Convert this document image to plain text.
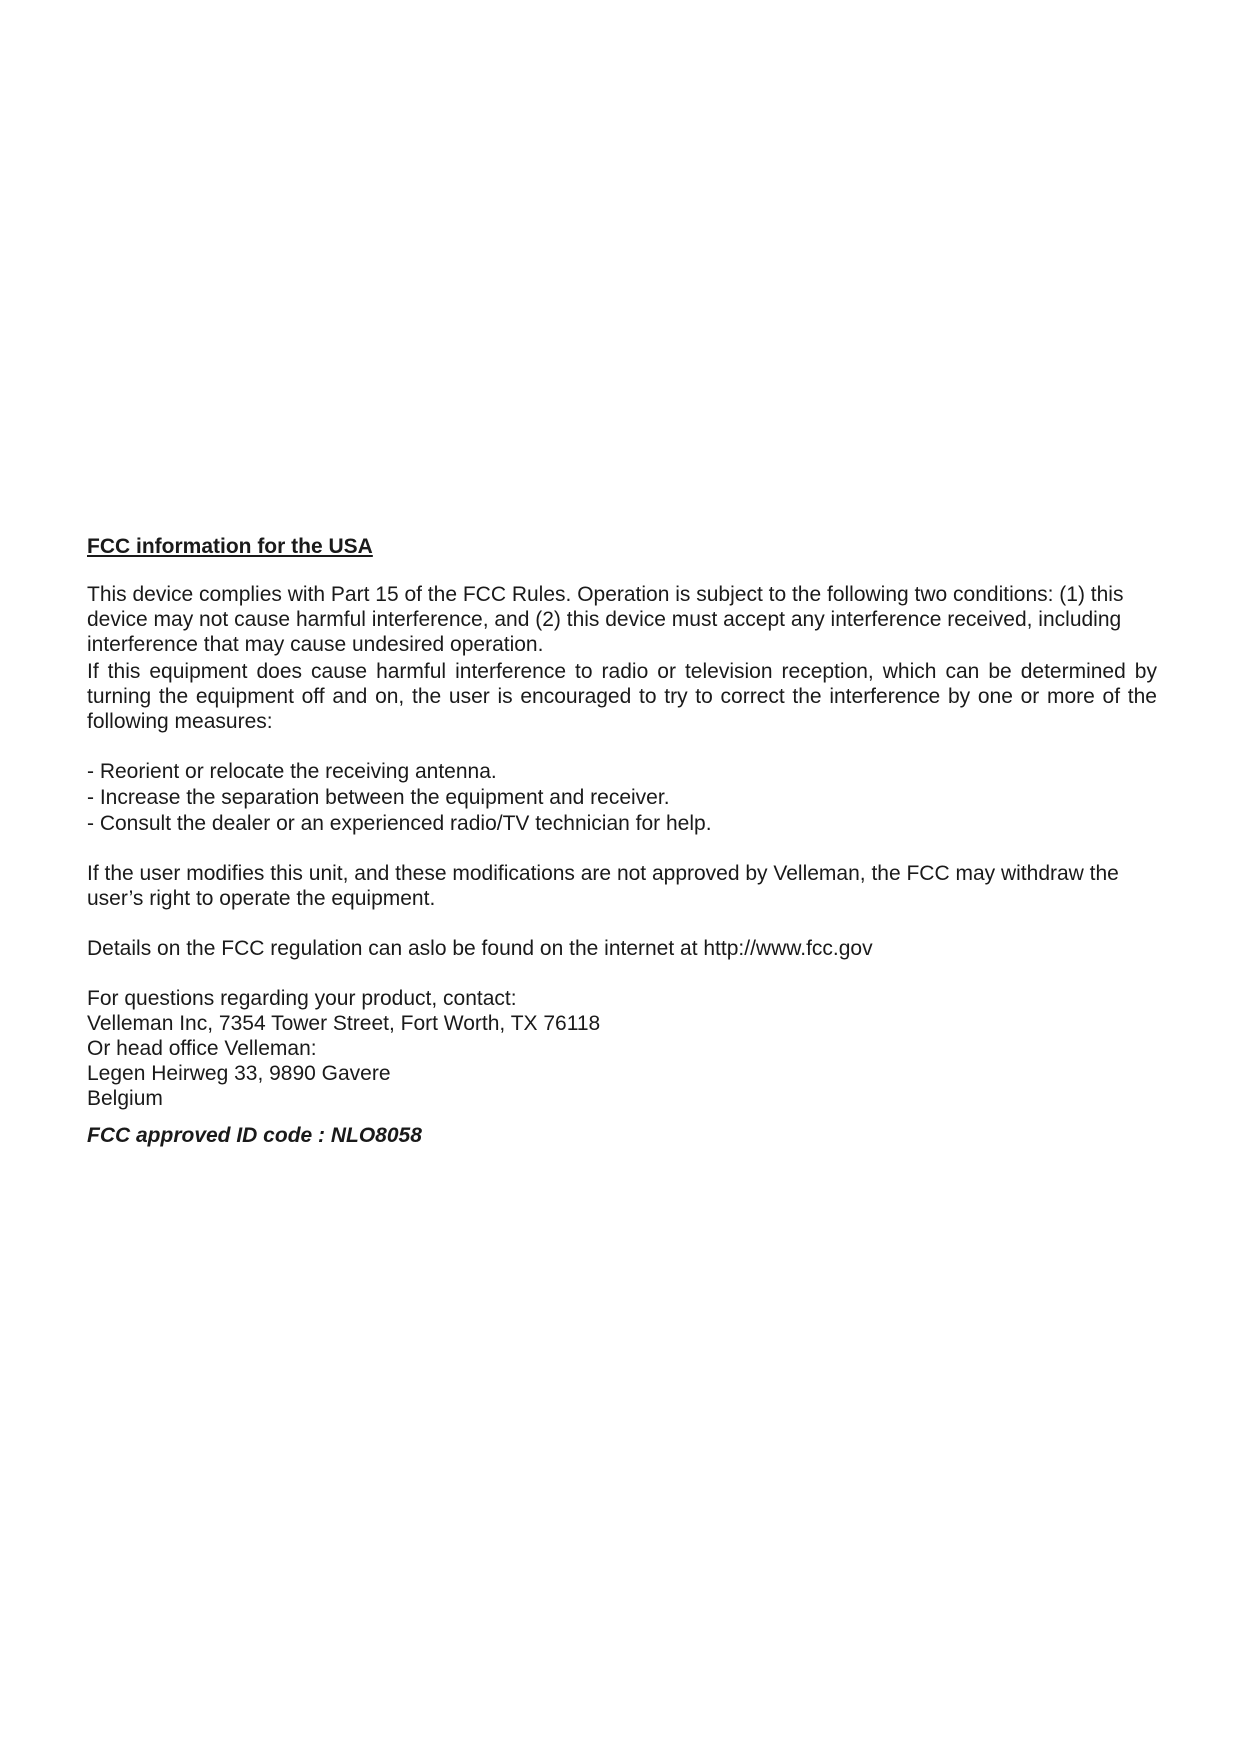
FCC information for the USA

This device complies with Part 15 of the FCC Rules. Operation is subject to the following two conditions: (1) this device may not cause harmful interference, and (2) this device must accept any interference received, including interference that may cause undesired operation.

If this equipment does cause harmful interference to radio or television reception, which can be determined by turning the equipment off and on, the user is encouraged to try to correct the interference by one or more of the following measures:

- Reorient or relocate the receiving antenna.

- Increase the separation between the equipment and receiver.

- Consult the dealer or an experienced radio/TV technician for help.

If the user modifies this unit, and these modifications are not approved by Velleman, the FCC may withdraw the user’s right to operate the equipment.

Details on the FCC regulation can aslo be found on the internet at http://www.fcc.gov

For questions regarding your product, contact:

Velleman Inc, 7354 Tower Street, Fort Worth, TX 76118

Or head office Velleman:

Legen Heirweg 33, 9890 Gavere

Belgium

FCC approved ID code : NLO8058
